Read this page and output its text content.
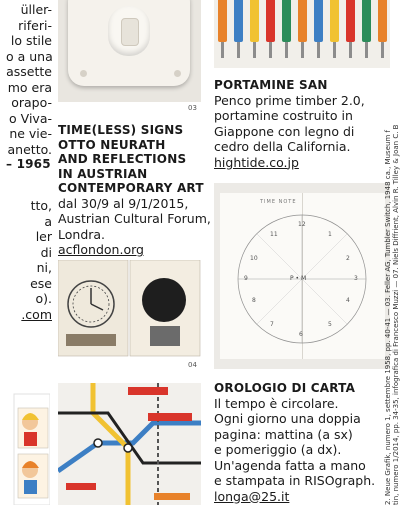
üller-
riferi-
lo stile
o a una
assette
mo era
orapo-
o Viva-
ne vie-
anetto.
– 1965
tto,
a
ler
di
ni,
ese
o).
.com
03
TIME(LESS) SIGNS
OTTO NEURATH
AND REFLECTIONS
IN AUSTRIAN
CONTEMPORARY ART
dal 30/9 al 9/1/2015,
Austrian Cultural Forum,
Londra.
acflondon.org
04
PORTAMINE SAN
Penco prime timber 2.0,
portamine costruito in
Giappone con legno di
cedro della California.
hightide.co.jp
TIME NOTE
12
1
2
3
4
5
6
7
8
9
10
11
P • M
OROLOGIO DI CARTA
Il tempo è circolare.
Ogni giorno una doppia
pagina: mattina (a sx)
e pomeriggio (a dx).
Un'agenda fatta a mano
e stampata in RISOgraph.
longa@25.it	2. Neue Grafik, numero 1, settembre 1958, pp. 40-41 — 03. Feller AG, Tumbler Switch, 1948 ca., Museum f tin, numero 1/2014, pp. 34-35, infografica di Francesco Muzzi — 07. Niels Diffrient, Alvin R. Tilley & Joan C. B
